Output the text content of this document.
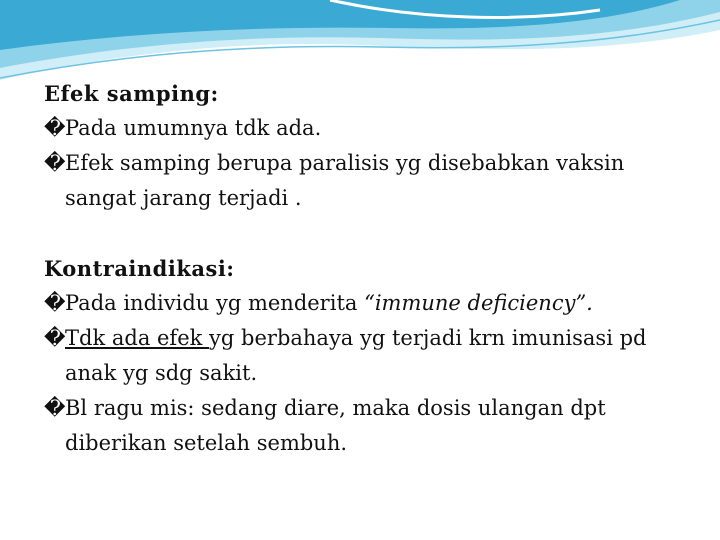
Efek samping:
� Pada umumnya tdk ada.
� Efek samping berupa paralisis yg disebabkan vaksin sangat jarang terjadi .
Kontraindikasi:
� Pada individu yg menderita “immune deficiency”.
� Tdk ada efek yg berbahaya yg terjadi krn imunisasi pd anak yg sdg sakit.
� Bl ragu mis: sedang diare, maka dosis ulangan dpt diberikan setelah sembuh.
